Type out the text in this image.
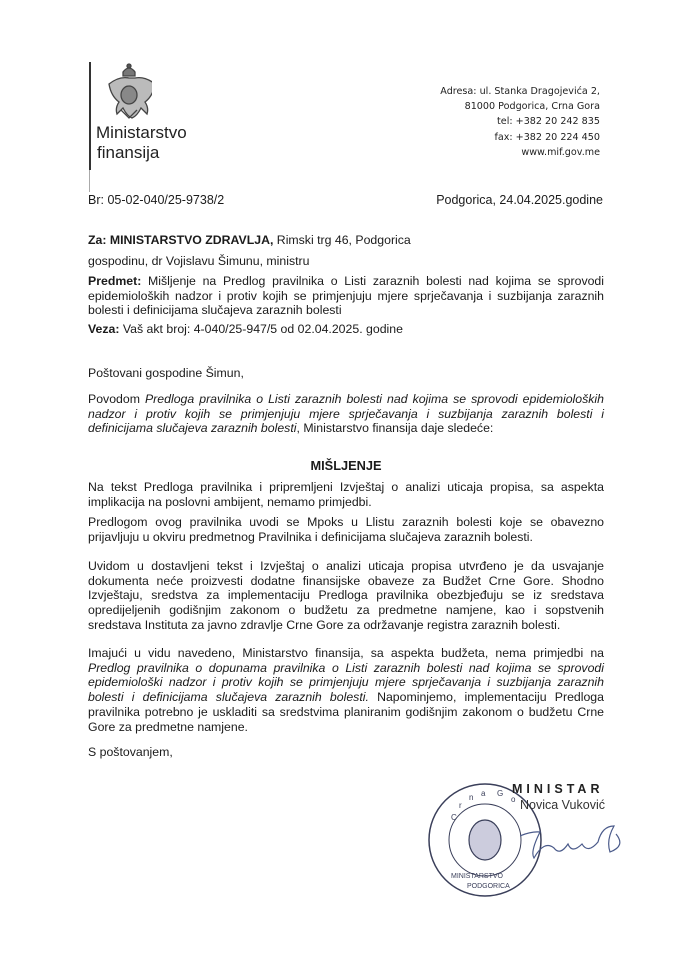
Ministarstvo
finansija
Adresa: ul. Stanka Dragojevića 2,
81000 Podgorica, Crna Gora
tel: +382 20 242 835
fax: +382 20 224 450
www.mif.gov.me
Br: 05-02-040/25-9738/2	Podgorica, 24.04.2025.godine

Za: MINISTARSTVO ZDRAVLJA, Rimski trg 46, Podgorica

gospodinu, dr Vojislavu Šimunu, ministru

Predmet: Mišljenje na Predlog pravilnika o Listi zaraznih bolesti nad kojima se sprovodi epidemioloških nadzor i protiv kojih se primjenjuju mjere sprječavanja i suzbijanja zaraznih bolesti i definicijama slučajeva zaraznih bolesti

Veza: Vaš akt broj: 4-040/25-947/5 od 02.04.2025. godine

Poštovani gospodine Šimun,

Povodom Predloga pravilnika o Listi zaraznih bolesti nad kojima se sprovodi epidemioloških nadzor i protiv kojih se primjenjuju mjere sprječavanja i suzbijanja zaraznih bolesti i definicijama slučajeva zaraznih bolesti, Ministarstvo finansija daje sledeće:

MIŠLJENJE
Na tekst Predloga pravilnika i pripremljeni Izvještaj o analizi uticaja propisa, sa aspekta implikacija na poslovni ambijent, nemamo primjedbi.
Predlogom ovog pravilnika uvodi se Mpoks u Llistu zaraznih bolesti koje se obavezno prijavljuju u okviru predmetnog Pravilnika i definicijama slučajeva zaraznih bolesti.
Uvidom u dostavljeni tekst i Izvještaj o analizi uticaja propisa utvrđeno je da usvajanje dokumenta neće proizvesti dodatne finansijske obaveze za Budžet Crne Gore. Shodno Izvještaju, sredstva za implementaciju Predloga pravilnika obezbjeđuju se iz sredstava opredijeljenih godišnjim zakonom o budžetu za predmetne namjene, kao i sopstvenih sredstava Instituta za javno zdravlje Crne Gore za održavanje registra zaraznih bolesti.

Imajući u vidu navedeno, Ministarstvo finansija, sa aspekta budžeta, nema primjedbi na Predlog pravilnika o dopunama pravilnika o Listi zaraznih bolesti nad kojima se sprovodi epidemiološki nadzor i protiv kojih se primjenjuju mjere sprječavanja i suzbijanja zaraznih bolesti i definicijama slučajeva zaraznih bolesti. Napominjemo, implementaciju Predloga pravilnika potrebno je uskladiti sa sredstvima planiranim godišnjim zakonom o budžetu Crne Gore za predmetne namjene.

S poštovanjem,
C
r
n a G
o
MINISTARSTVO
PODGORICA
MINISTAR
Novica Vuković
